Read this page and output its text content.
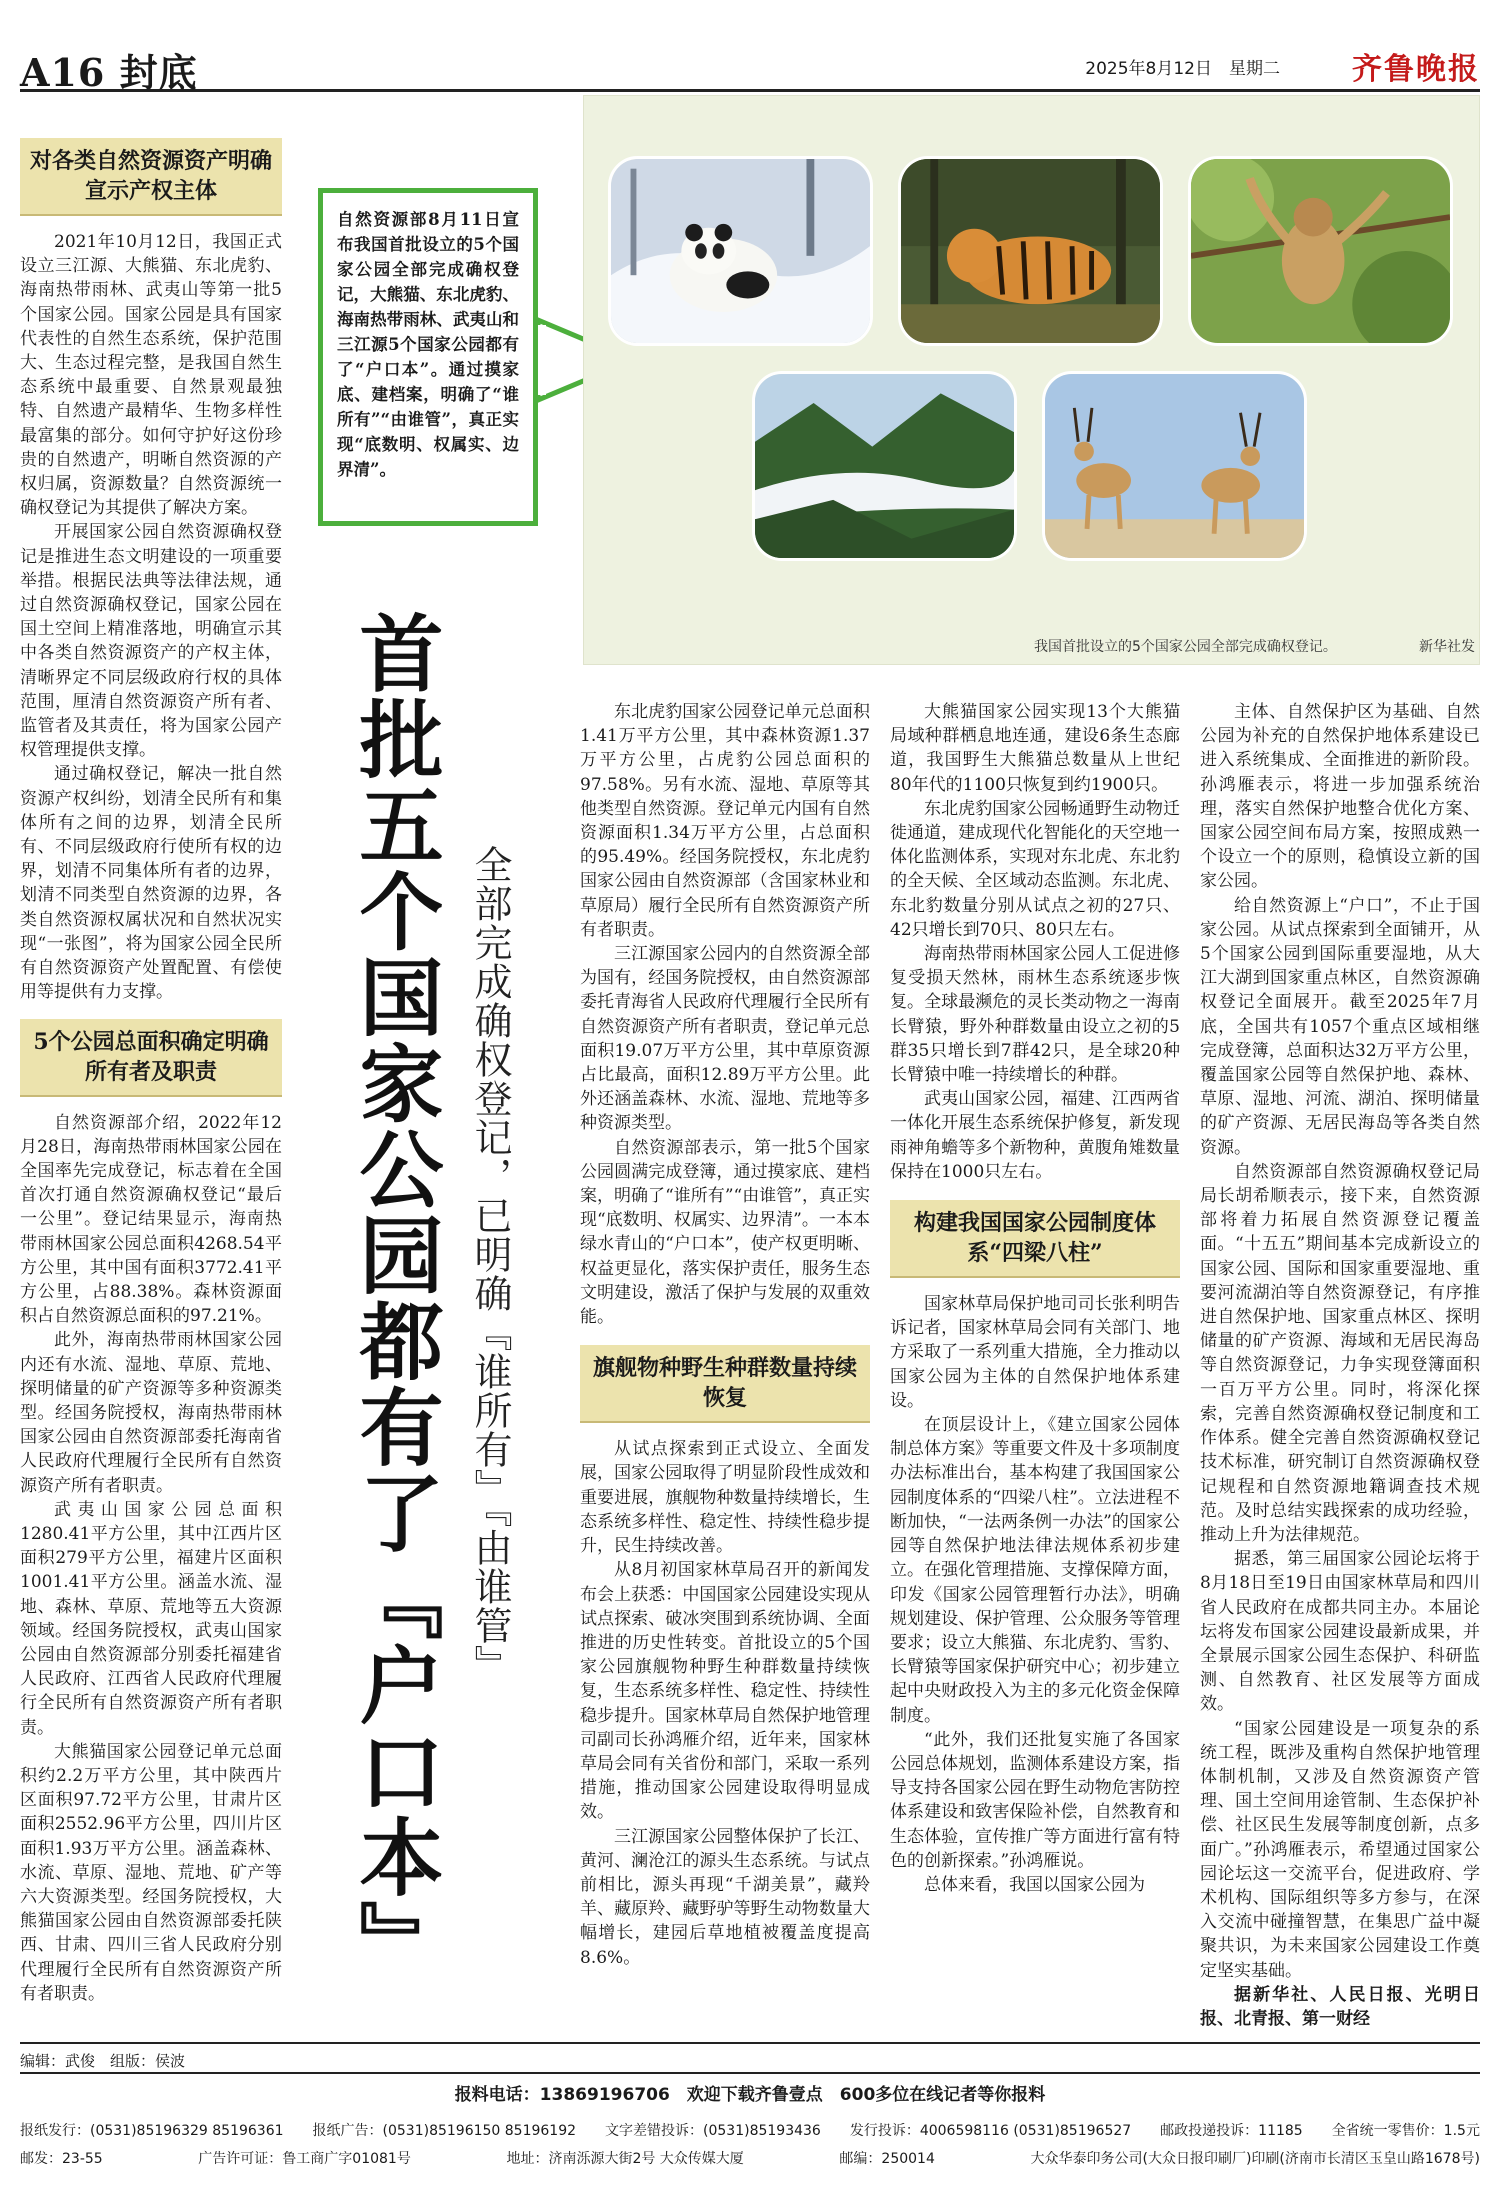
A16 封底	2025年8月12日　星期二 齐鲁晚报
对各类自然资源资产明确宣示产权主体

2021年10月12日，我国正式设立三江源、大熊猫、东北虎豹、海南热带雨林、武夷山等第一批5个国家公园。国家公园是具有国家代表性的自然生态系统，保护范围大、生态过程完整，是我国自然生态系统中最重要、自然景观最独特、自然遗产最精华、生物多样性最富集的部分。如何守护好这份珍贵的自然遗产，明晰自然资源的产权归属，资源数量？自然资源统一确权登记为其提供了解决方案。

开展国家公园自然资源确权登记是推进生态文明建设的一项重要举措。根据民法典等法律法规，通过自然资源确权登记，国家公园在国土空间上精准落地，明确宣示其中各类自然资源资产的产权主体，清晰界定不同层级政府行权的具体范围，厘清自然资源资产所有者、监管者及其责任，将为国家公园产权管理提供支撑。

通过确权登记，解决一批自然资源产权纠纷，划清全民所有和集体所有之间的边界，划清全民所有、不同层级政府行使所有权的边界，划清不同集体所有者的边界，划清不同类型自然资源的边界，各类自然资源权属状况和自然状况实现“一张图”，将为国家公园全民所有自然资源资产处置配置、有偿使用等提供有力支撑。

5个公园总面积确定明确所有者及职责

自然资源部介绍，2022年12月28日，海南热带雨林国家公园在全国率先完成登记，标志着在全国首次打通自然资源确权登记“最后一公里”。登记结果显示，海南热带雨林国家公园总面积4268.54平方公里，其中国有面积3772.41平方公里，占88.38%。森林资源面积占自然资源总面积的97.21%。

此外，海南热带雨林国家公园内还有水流、湿地、草原、荒地、探明储量的矿产资源等多种资源类型。经国务院授权，海南热带雨林国家公园由自然资源部委托海南省人民政府代理履行全民所有自然资源资产所有者职责。

武夷山国家公园总面积1280.41平方公里，其中江西片区面积279平方公里，福建片区面积1001.41平方公里。涵盖水流、湿地、森林、草原、荒地等五大资源领域。经国务院授权，武夷山国家公园由自然资源部分别委托福建省人民政府、江西省人民政府代理履行全民所有自然资源资产所有者职责。

大熊猫国家公园登记单元总面积约2.2万平方公里，其中陕西片区面积97.72平方公里，甘肃片区面积2552.96平方公里，四川片区面积1.93万平方公里。涵盖森林、水流、草原、湿地、荒地、矿产等六大资源类型。经国务院授权，大熊猫国家公园由自然资源部委托陕西、甘肃、四川三省人民政府分别代理履行全民所有自然资源资产所有者职责。

自然资源部8月11日宣布我国首批设立的5个国家公园全部完成确权登记，大熊猫、东北虎豹、海南热带雨林、武夷山和三江源5个国家公园都有了“户口本”。通过摸家底、建档案，明确了“谁所有”“由谁管”，真正实现“底数明、权属实、边界清”。
首批五个国家公园都有了『户口本』 全部完成确权登记，已明确『谁所有』『由谁管』
我国首批设立的5个国家公园全部完成确权登记。	新华社发

东北虎豹国家公园登记单元总面积1.41万平方公里，其中森林资源1.37万平方公里，占虎豹公园总面积的97.58%。另有水流、湿地、草原等其他类型自然资源。登记单元内国有自然资源面积1.34万平方公里，占总面积的95.49%。经国务院授权，东北虎豹国家公园由自然资源部（含国家林业和草原局）履行全民所有自然资源资产所有者职责。

三江源国家公园内的自然资源全部为国有，经国务院授权，由自然资源部委托青海省人民政府代理履行全民所有自然资源资产所有者职责，登记单元总面积19.07万平方公里，其中草原资源占比最高，面积12.89万平方公里。此外还涵盖森林、水流、湿地、荒地等多种资源类型。

自然资源部表示，第一批5个国家公园圆满完成登簿，通过摸家底、建档案，明确了“谁所有”“由谁管”，真正实现“底数明、权属实、边界清”。一本本绿水青山的“户口本”，使产权更明晰、权益更显化，落实保护责任，服务生态文明建设，激活了保护与发展的双重效能。

旗舰物种野生种群数量持续恢复

从试点探索到正式设立、全面发展，国家公园取得了明显阶段性成效和重要进展，旗舰物种数量持续增长，生态系统多样性、稳定性、持续性稳步提升，民生持续改善。

从8月初国家林草局召开的新闻发布会上获悉：中国国家公园建设实现从试点探索、破冰突围到系统协调、全面推进的历史性转变。首批设立的5个国家公园旗舰物种野生种群数量持续恢复，生态系统多样性、稳定性、持续性稳步提升。国家林草局自然保护地管理司副司长孙鸿雁介绍，近年来，国家林草局会同有关省份和部门，采取一系列措施，推动国家公园建设取得明显成效。

三江源国家公园整体保护了长江、黄河、澜沧江的源头生态系统。与试点前相比，源头再现“千湖美景”，藏羚羊、藏原羚、藏野驴等野生动物数量大幅增长，建园后草地植被覆盖度提高8.6%。

大熊猫国家公园实现13个大熊猫局域种群栖息地连通，建设6条生态廊道，我国野生大熊猫总数量从上世纪80年代的1100只恢复到约1900只。

东北虎豹国家公园畅通野生动物迁徙通道，建成现代化智能化的天空地一体化监测体系，实现对东北虎、东北豹的全天候、全区域动态监测。东北虎、东北豹数量分别从试点之初的27只、42只增长到70只、80只左右。

海南热带雨林国家公园人工促进修复受损天然林，雨林生态系统逐步恢复。全球最濒危的灵长类动物之一海南长臂猿，野外种群数量由设立之初的5群35只增长到7群42只，是全球20种长臂猿中唯一持续增长的种群。

武夷山国家公园，福建、江西两省一体化开展生态系统保护修复，新发现雨神角蟾等多个新物种，黄腹角雉数量保持在1000只左右。

构建我国国家公园制度体系“四梁八柱”

国家林草局保护地司司长张利明告诉记者，国家林草局会同有关部门、地方采取了一系列重大措施，全力推动以国家公园为主体的自然保护地体系建设。

在顶层设计上，《建立国家公园体制总体方案》等重要文件及十多项制度办法标准出台，基本构建了我国国家公园制度体系的“四梁八柱”。立法进程不断加快，“一法两条例一办法”的国家公园等自然保护地法律法规体系初步建立。在强化管理措施、支撑保障方面，印发《国家公园管理暂行办法》，明确规划建设、保护管理、公众服务等管理要求；设立大熊猫、东北虎豹、雪豹、长臂猿等国家保护研究中心；初步建立起中央财政投入为主的多元化资金保障制度。

“此外，我们还批复实施了各国家公园总体规划，监测体系建设方案，指导支持各国家公园在野生动物危害防控体系建设和致害保险补偿，自然教育和生态体验，宣传推广等方面进行富有特色的创新探索。”孙鸿雁说。

总体来看，我国以国家公园为

主体、自然保护区为基础、自然公园为补充的自然保护地体系建设已进入系统集成、全面推进的新阶段。孙鸿雁表示，将进一步加强系统治理，落实自然保护地整合优化方案、国家公园空间布局方案，按照成熟一个设立一个的原则，稳慎设立新的国家公园。

给自然资源上“户口”，不止于国家公园。从试点探索到全面铺开，从5个国家公园到国际重要湿地，从大江大湖到国家重点林区，自然资源确权登记全面展开。截至2025年7月底，全国共有1057个重点区域相继完成登簿，总面积达32万平方公里，覆盖国家公园等自然保护地、森林、草原、湿地、河流、湖泊、探明储量的矿产资源、无居民海岛等各类自然资源。

自然资源部自然资源确权登记局局长胡希顺表示，接下来，自然资源部将着力拓展自然资源登记覆盖面。“十五五”期间基本完成新设立的国家公园、国际和国家重要湿地、重要河流湖泊等自然资源登记，有序推进自然保护地、国家重点林区、探明储量的矿产资源、海域和无居民海岛等自然资源登记，力争实现登簿面积一百万平方公里。同时，将深化探索，完善自然资源确权登记制度和工作体系。健全完善自然资源确权登记技术标准，研究制订自然资源确权登记规程和自然资源地籍调查技术规范。及时总结实践探索的成功经验，推动上升为法律规范。

据悉，第三届国家公园论坛将于8月18日至19日由国家林草局和四川省人民政府在成都共同主办。本届论坛将发布国家公园建设最新成果，并全景展示国家公园生态保护、科研监测、自然教育、社区发展等方面成效。

“国家公园建设是一项复杂的系统工程，既涉及重构自然保护地管理体制机制，又涉及自然资源资产管理、国土空间用途管制、生态保护补偿、社区民生发展等制度创新，点多面广。”孙鸿雁表示，希望通过国家公园论坛这一交流平台，促进政府、学术机构、国际组织等多方参与，在深入交流中碰撞智慧，在集思广益中凝聚共识，为未来国家公园建设工作奠定坚实基础。

据新华社、人民日报、光明日报、北青报、第一财经

编辑：武俊　组版：侯波
报料电话：13869196706　欢迎下载齐鲁壹点　600多位在线记者等你报料
报纸发行：(0531)85196329 85196361 报纸广告：(0531)85196150 85196192 文字差错投诉：(0531)85193436 发行投诉：4006598116 (0531)85196527 邮政投递投诉：11185 全省统一零售价：1.5元
邮发：23-55	广告许可证：鲁工商广字01081号	地址：济南泺源大街2号 大众传媒大厦	邮编：250014	大众华泰印务公司(大众日报印刷厂)印刷(济南市长清区玉皇山路1678号)
